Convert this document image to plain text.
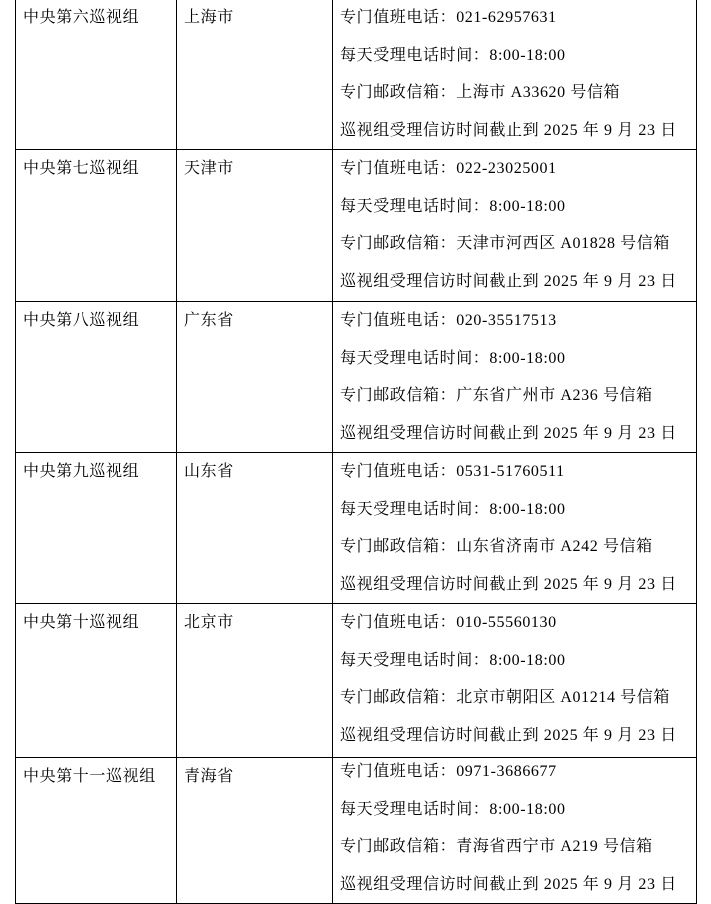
中央第六巡视组	上海市	专门值班电话：021-62957631
每天受理电话时间：8:00-18:00
专门邮政信箱：上海市 A33620 号信箱
巡视组受理信访时间截止到 2025 年 9 月 23 日

中央第七巡视组	天津市	专门值班电话：022-23025001
每天受理电话时间：8:00-18:00
专门邮政信箱：天津市河西区 A01828 号信箱
巡视组受理信访时间截止到 2025 年 9 月 23 日

中央第八巡视组	广东省	专门值班电话：020-35517513
每天受理电话时间：8:00-18:00
专门邮政信箱：广东省广州市 A236 号信箱
巡视组受理信访时间截止到 2025 年 9 月 23 日

中央第九巡视组	山东省	专门值班电话：0531-51760511
每天受理电话时间：8:00-18:00
专门邮政信箱：山东省济南市 A242 号信箱
巡视组受理信访时间截止到 2025 年 9 月 23 日

中央第十巡视组	北京市	专门值班电话：010-55560130
每天受理电话时间：8:00-18:00
专门邮政信箱：北京市朝阳区 A01214 号信箱
巡视组受理信访时间截止到 2025 年 9 月 23 日

中央第十一巡视组	青海省	专门值班电话：0971-3686677
每天受理电话时间：8:00-18:00
专门邮政信箱：青海省西宁市 A219 号信箱
巡视组受理信访时间截止到 2025 年 9 月 23 日
